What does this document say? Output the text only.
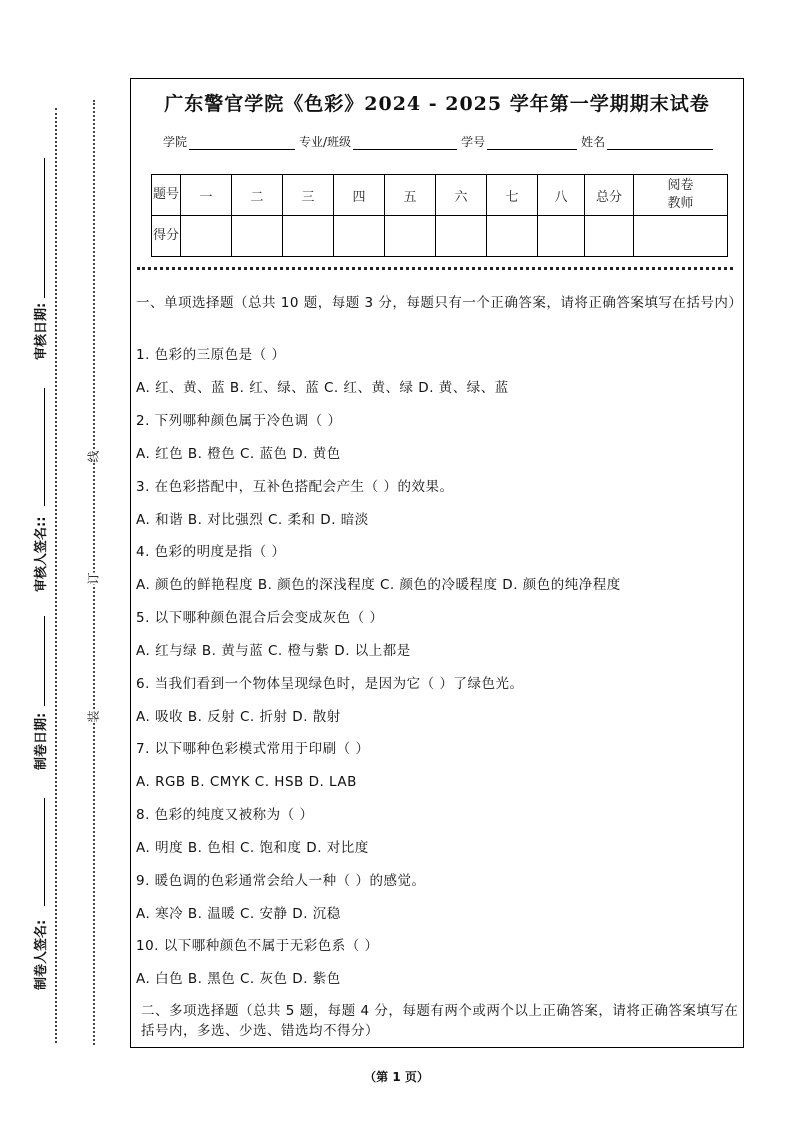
审核日期:
审核人签名::
制卷日期:
制卷人签名:
线
订
装
广东警官学院《色彩》2024 - 2025 学年第一学期期末试卷
学院	专业/班级	学号	姓名
题号	一	二	三	四	五	六	七	八	总分	阅卷教师
得分										
一、单项选择题（总共 10 题，每题 3 分，每题只有一个正确答案，请将正确答案填写在括号内）
1. 色彩的三原色是（ ）
A. 红、黄、蓝 B. 红、绿、蓝 C. 红、黄、绿 D. 黄、绿、蓝
2. 下列哪种颜色属于冷色调（ ）
A. 红色 B. 橙色 C. 蓝色 D. 黄色
3. 在色彩搭配中，互补色搭配会产生（ ）的效果。
A. 和谐 B. 对比强烈 C. 柔和 D. 暗淡
4. 色彩的明度是指（ ）
A. 颜色的鲜艳程度 B. 颜色的深浅程度 C. 颜色的冷暖程度 D. 颜色的纯净程度
5. 以下哪种颜色混合后会变成灰色（ ）
A. 红与绿 B. 黄与蓝 C. 橙与紫 D. 以上都是
6. 当我们看到一个物体呈现绿色时，是因为它（ ）了绿色光。
A. 吸收 B. 反射 C. 折射 D. 散射
7. 以下哪种色彩模式常用于印刷（ ）
A. RGB B. CMYK C. HSB D. LAB
8. 色彩的纯度又被称为（ ）
A. 明度 B. 色相 C. 饱和度 D. 对比度
9. 暖色调的色彩通常会给人一种（ ）的感觉。
A. 寒冷 B. 温暖 C. 安静 D. 沉稳
10. 以下哪种颜色不属于无彩色系（ ）
A. 白色 B. 黑色 C. 灰色 D. 紫色
二、多项选择题（总共 5 题，每题 4 分，每题有两个或两个以上正确答案，请将正确答案填写在括号内，多选、少选、错选均不得分）
（第 1 页）
